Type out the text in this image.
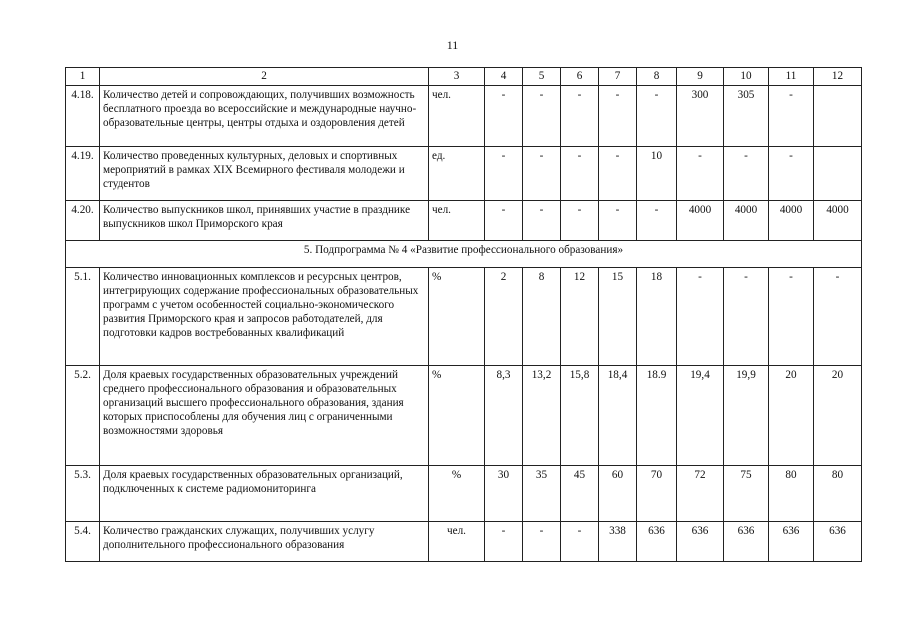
11
1	2	3	4	5	6	7	8	9	10	11	12
4.18.	Количество детей и сопровождающих, получивших возможность бесплатного проезда во всероссийские и международные научно-образовательные центры, центры отдыха и оздоровления детей	чел.	-	-	-	-	-	300	305	-	
4.19.	Количество проведенных культурных, деловых и спортивных мероприятий в рамках XIX Всемирного фестиваля молодежи и студентов	ед.	-	-	-	-	10	-	-	-	
4.20.	Количество выпускников школ, принявших участие в празднике выпускников школ Приморского края	чел.	-	-	-	-	-	4000	4000	4000	4000
5. Подпрограмма № 4 «Развитие профессионального образования»											
5.1.	Количество инновационных комплексов и ресурсных центров, интегрирующих содержание профессиональных образовательных программ с учетом особенностей социально-экономического развития Приморского края и запросов работодателей, для подготовки кадров востребованных квалификаций	%	2	8	12	15	18	-	-	-	-
5.2.	Доля краевых государственных образовательных учреждений среднего профессионального образования и образовательных организаций высшего профессионального образования, здания которых приспособлены для обучения лиц с ограниченными возможностями здоровья	%	8,3	13,2	15,8	18,4	18.9	19,4	19,9	20	20
5.3.	Доля краевых государственных образовательных организаций, подключенных к системе радиомониторинга	%	30	35	45	60	70	72	75	80	80
5.4.	Количество гражданских служащих, получивших услугу дополнительного профессионального образования	чел.	-	-	-	338	636	636	636	636	636
